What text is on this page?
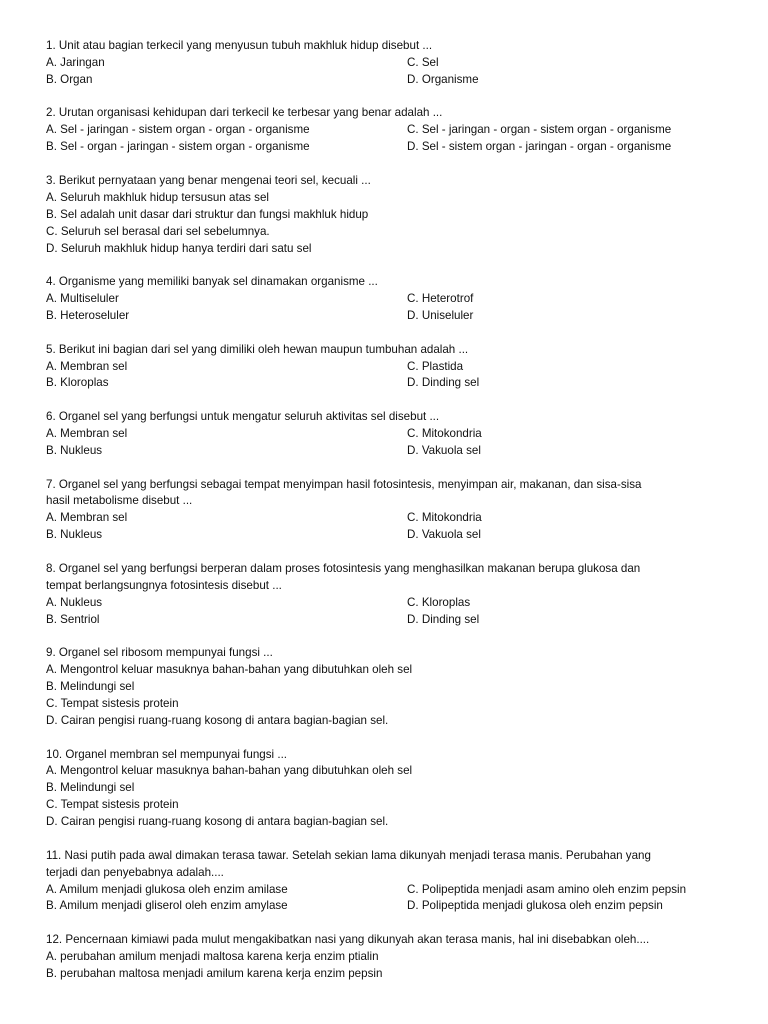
1. Unit atau bagian terkecil yang menyusun tubuh makhluk hidup disebut ...
A. Jaringan	C. Sel
B. Organ	D. Organisme
2. Urutan organisasi kehidupan dari terkecil ke terbesar yang benar adalah ...
A. Sel - jaringan - sistem organ - organ - organisme	C. Sel - jaringan - organ - sistem organ - organisme
B. Sel - organ - jaringan - sistem organ - organisme	D. Sel - sistem organ - jaringan - organ - organisme
3. Berikut pernyataan yang benar mengenai teori sel, kecuali ...
A. Seluruh makhluk hidup tersusun atas sel
B. Sel adalah unit dasar dari struktur dan fungsi makhluk hidup
C. Seluruh sel berasal dari sel sebelumnya.
D. Seluruh makhluk hidup hanya terdiri dari satu sel
4. Organisme yang memiliki banyak sel dinamakan organisme ...
A. Multiseluler	C. Heterotrof
B. Heteroseluler	D. Uniseluler
5. Berikut ini bagian dari sel yang dimiliki oleh hewan maupun tumbuhan adalah ...
A. Membran sel	C. Plastida
B. Kloroplas	D. Dinding sel
6. Organel sel yang berfungsi untuk mengatur seluruh aktivitas sel disebut ...
A. Membran sel	C. Mitokondria
B. Nukleus	D. Vakuola sel
7. Organel sel yang berfungsi sebagai tempat menyimpan hasil fotosintesis, menyimpan air, makanan, dan sisa-sisa
hasil metabolisme disebut ...
A. Membran sel	C. Mitokondria
B. Nukleus	D. Vakuola sel
8. Organel sel yang berfungsi berperan dalam proses fotosintesis yang menghasilkan makanan berupa glukosa dan
tempat berlangsungnya fotosintesis disebut ...
A. Nukleus	C. Kloroplas
B. Sentriol	D. Dinding sel
9. Organel sel ribosom mempunyai fungsi ...
A. Mengontrol keluar masuknya bahan-bahan yang dibutuhkan oleh sel
B. Melindungi sel
C. Tempat sistesis protein
D. Cairan pengisi ruang-ruang kosong di antara bagian-bagian sel.
10. Organel membran sel mempunyai fungsi ...
A. Mengontrol keluar masuknya bahan-bahan yang dibutuhkan oleh sel
B. Melindungi sel
C. Tempat sistesis protein
D. Cairan pengisi ruang-ruang kosong di antara bagian-bagian sel.
11. Nasi putih pada awal dimakan terasa tawar. Setelah sekian lama dikunyah menjadi terasa manis. Perubahan yang
terjadi dan penyebabnya adalah....
A. Amilum menjadi glukosa oleh enzim amilase	C. Polipeptida menjadi asam amino oleh enzim pepsin
B. Amilum menjadi gliserol oleh enzim amylase	D. Polipeptida menjadi glukosa oleh enzim pepsin
12. Pencernaan kimiawi pada mulut mengakibatkan nasi yang dikunyah akan terasa manis, hal ini disebabkan oleh....
A. perubahan amilum menjadi maltosa karena kerja enzim ptialin
B. perubahan maltosa menjadi amilum karena kerja enzim pepsin
